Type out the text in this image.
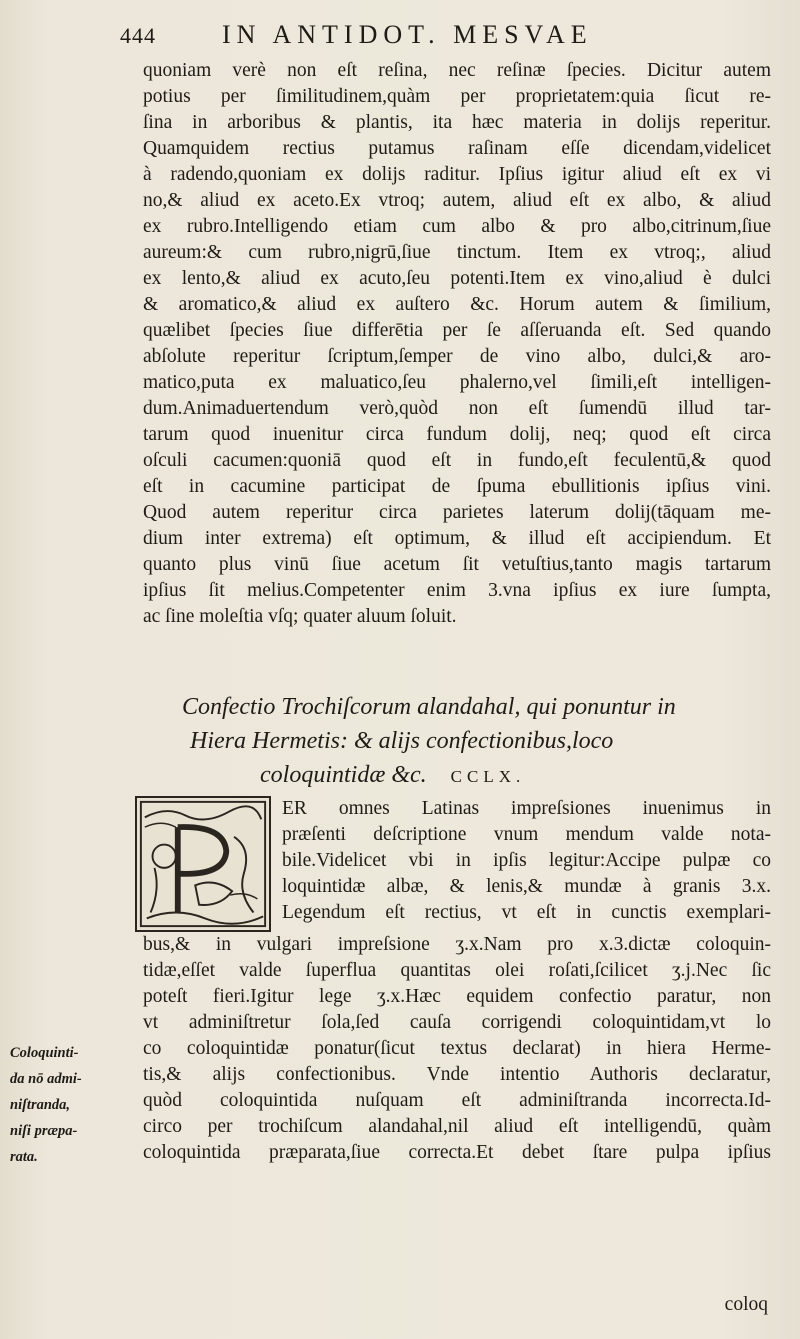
444	IN ANTIDOT. MESVAE
quoniam verè non eſt reſina, nec reſinæ ſpecies. Dicitur autem
potius per ſimilitudinem,quàm per proprietatem:quia ſicut re-
ſina in arboribus & plantis, ita hæc materia in dolijs reperitur.
Quamquidem rectius putamus raſinam eſſe dicendam,videlicet
à radendo,quoniam ex dolijs raditur. Ipſius igitur aliud eſt ex vi
no,& aliud ex aceto.Ex vtroq; autem, aliud eſt ex albo, & aliud
ex rubro.Intelligendo etiam cum albo & pro albo,citrinum,ſiue
aureum:& cum rubro,nigrū,ſiue tinctum. Item ex vtroq;, aliud
ex lento,& aliud ex acuto,ſeu potenti.Item ex vino,aliud è dulci
& aromatico,& aliud ex auſtero &c. Horum autem & ſimilium,
quælibet ſpecies ſiue differētia per ſe aſſeruanda eſt. Sed quando
abſolute reperitur ſcriptum,ſemper de vino albo, dulci,& aro-
matico,puta ex maluatico,ſeu phalerno,vel ſimili,eſt intelligen-
dum.Animaduertendum verò,quòd non eſt ſumendū illud tar-
tarum quod inuenitur circa fundum dolij, neq; quod eſt circa
oſculi cacumen:quoniā quod eſt in fundo,eſt feculentū,& quod
eſt in cacumine participat de ſpuma ebullitionis ipſius vini.
Quod autem reperitur circa parietes laterum dolij(tāquam me-
dium inter extrema) eſt optimum, & illud eſt accipiendum. Et
quanto plus vinū ſiue acetum ſit vetuſtius,tanto magis tartarum
ipſius ſit melius.Competenter enim 3.vna ipſius ex iure ſumpta,
ac ſine moleſtia vſq; quater aluum ſoluit.
Confectio Trochiſcorum alandahal, qui ponuntur in
Hiera Hermetis: & alijs confectionibus,loco
coloquintidæ &c. CCLX.
ER omnes Latinas impreſsiones inuenimus in
præſenti deſcriptione vnum mendum valde nota-
bile.Videlicet vbi in ipſis legitur:Accipe pulpæ co
loquintidæ albæ, & lenis,& mundæ à granis 3.x.
Legendum eſt rectius, vt eſt in cunctis exemplari-
bus,& in vulgari impreſsione ʒ.x.Nam pro x.3.dictæ coloquin-
tidæ,eſſet valde ſuperflua quantitas olei roſati,ſcilicet ʒ.j.Nec ſic
poteſt fieri.Igitur lege ʒ.x.Hæc equidem confectio paratur, non
vt adminiſtretur ſola,ſed cauſa corrigendi coloquintidam,vt lo
co coloquintidæ ponatur(ſicut textus declarat) in hiera Herme-
tis,& alijs confectionibus. Vnde intentio Authoris declaratur,
quòd coloquintida nuſquam eſt adminiſtranda incorrecta.Id-
circo per trochiſcum alandahal,nil aliud eſt intelligendū, quàm
coloquintida præparata,ſiue correcta.Et debet ſtare pulpa ipſius
Coloquinti-
da nō admi-
niſtranda,
niſi præpa-
rata.
coloq
